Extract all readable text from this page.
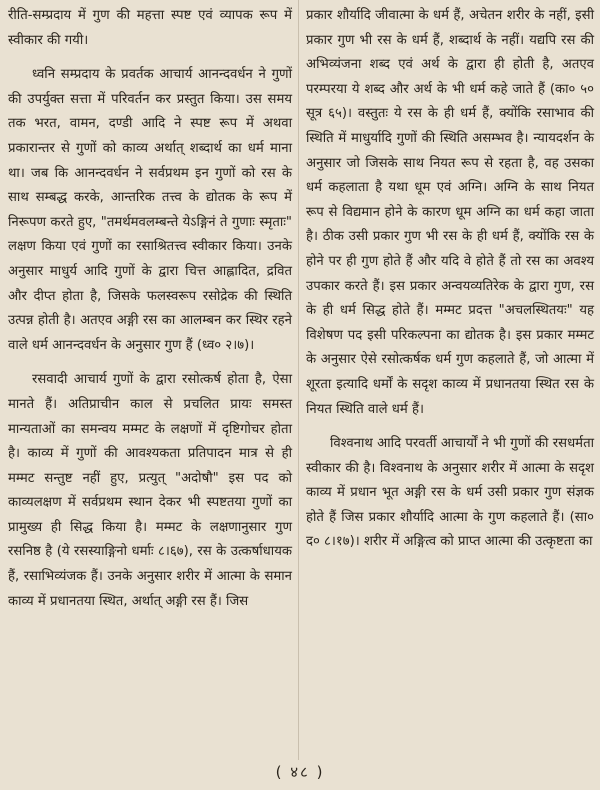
रीति-सम्प्रदाय में गुण की महत्ता स्पष्ट एवं व्यापक रूप में स्वीकार की गयी।

ध्वनि सम्प्रदाय के प्रवर्तक आचार्य आनन्दवर्धन ने गुणों की उपर्युक्त सत्ता में परिवर्तन कर प्रस्तुत किया। उस समय तक भरत, वामन, दण्डी आदि ने स्पष्ट रूप में अथवा प्रकारान्तर से गुणों को काव्य अर्थात् शब्दार्थ का धर्म माना था। जब कि आनन्दवर्धन ने सर्वप्रथम इन गुणों को रस के साथ सम्बद्ध करके, आन्तरिक तत्त्व के द्योतक के रूप में निरूपण करते हुए, "तमर्थमवलम्बन्ते येऽङ्गिनं ते गुणाः स्मृताः" लक्षण किया एवं गुणों का रसाश्रितत्त्व स्वीकार किया। उनके अनुसार माधुर्य आदि गुणों के द्वारा चित्त आह्लादित, द्रवित और दीप्त होता है, जिसके फलस्वरूप रसोद्रेक की स्थिति उत्पन्न होती है। अतएव अङ्गी रस का आलम्बन कर स्थिर रहने वाले धर्म आनन्दवर्धन के अनुसार गुण हैं (ध्व० २।७)।

रसवादी आचार्य गुणों के द्वारा रसोत्कर्ष होता है, ऐसा मानते हैं। अतिप्राचीन काल से प्रचलित प्रायः समस्त मान्यताओं का समन्वय मम्मट के लक्षणों में दृष्टिगोचर होता है। काव्य में गुणों की आवश्यकता प्रतिपादन मात्र से ही मम्मट सन्तुष्ट नहीं हुए, प्रत्युत् "अदोषौ" इस पद को काव्यलक्षण में सर्वप्रथम स्थान देकर भी स्पष्टतया गुणों का प्रामुख्य ही सिद्ध किया है। मम्मट के लक्षणानुसार गुण रसनिष्ठ है (ये रसस्याङ्गिनो धर्माः ८।६७), रस के उत्कर्षाधायक हैं, रसाभिव्यंजक हैं। उनके अनुसार शरीर में आत्मा के समान काव्य में प्रधानतया स्थित, अर्थात् अङ्गी रस हैं। जिस

प्रकार शौर्यादि जीवात्मा के धर्म हैं, अचेतन शरीर के नहीं, इसी प्रकार गुण भी रस के धर्म हैं, शब्दार्थ के नहीं। यद्यपि रस की अभिव्यंजना शब्द एवं अर्थ के द्वारा ही होती है, अतएव परम्परया ये शब्द और अर्थ के भी धर्म कहे जाते हैं (का० ५० सूत्र ६५)। वस्तुतः ये रस के ही धर्म हैं, क्योंकि रसाभाव की स्थिति में माधुर्यादि गुणों की स्थिति असम्भव है। न्यायदर्शन के अनुसार जो जिसके साथ नियत रूप से रहता है, वह उसका धर्म कहलाता है यथा धूम एवं अग्नि। अग्नि के साथ नियत रूप से विद्यमान होने के कारण धूम अग्नि का धर्म कहा जाता है। ठीक उसी प्रकार गुण भी रस के ही धर्म हैं, क्योंकि रस के होने पर ही गुण होते हैं और यदि वे होते हैं तो रस का अवश्य उपकार करते हैं। इस प्रकार अन्वयव्यतिरेक के द्वारा गुण, रस के ही धर्म सिद्ध होते हैं। मम्मट प्रदत्त "अचलस्थितयः" यह विशेषण पद इसी परिकल्पना का द्योतक है। इस प्रकार मम्मट के अनुसार ऐसे रसोत्कर्षक धर्म गुण कहलाते हैं, जो आत्मा में शूरता इत्यादि धर्मों के सदृश काव्य में प्रधानतया स्थित रस के नियत स्थिति वाले धर्म हैं।

विश्वनाथ आदि परवर्ती आचार्यों ने भी गुणों की रसधर्मता स्वीकार की है। विश्वनाथ के अनुसार शरीर में आत्मा के सदृश काव्य में प्रधान भूत अङ्गी रस के धर्म उसी प्रकार गुण संज्ञक होते हैं जिस प्रकार शौर्यादि आत्मा के गुण कहलाते हैं। (सा० द० ८।१७)। शरीर में अङ्गित्व को प्राप्त आत्मा की उत्कृष्टता का

( ४८ )
